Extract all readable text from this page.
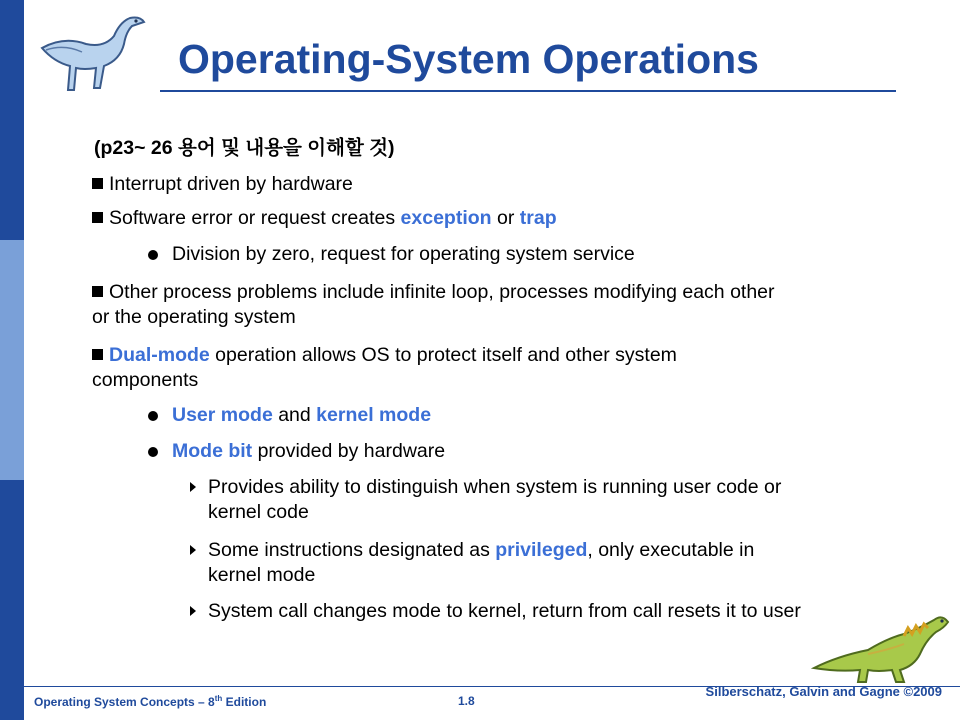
Operating-System Operations
(p23~ 26 용어 및 내용을 이해할 것)
Interrupt driven by hardware
Software error or request creates exception or trap
Division by zero, request for operating system service
Other process problems include infinite loop, processes modifying each other
or the operating system
Dual-mode operation allows OS to protect itself and other system
components
User mode and kernel mode
Mode bit provided by hardware
Provides ability to distinguish when system is running user code or
kernel code
Some instructions designated as privileged, only executable in
kernel mode
System call changes mode to kernel, return from call resets it to user
Operating System Concepts – 8th Edition	1.8
Silberschatz, Galvin and Gagne ©2009
